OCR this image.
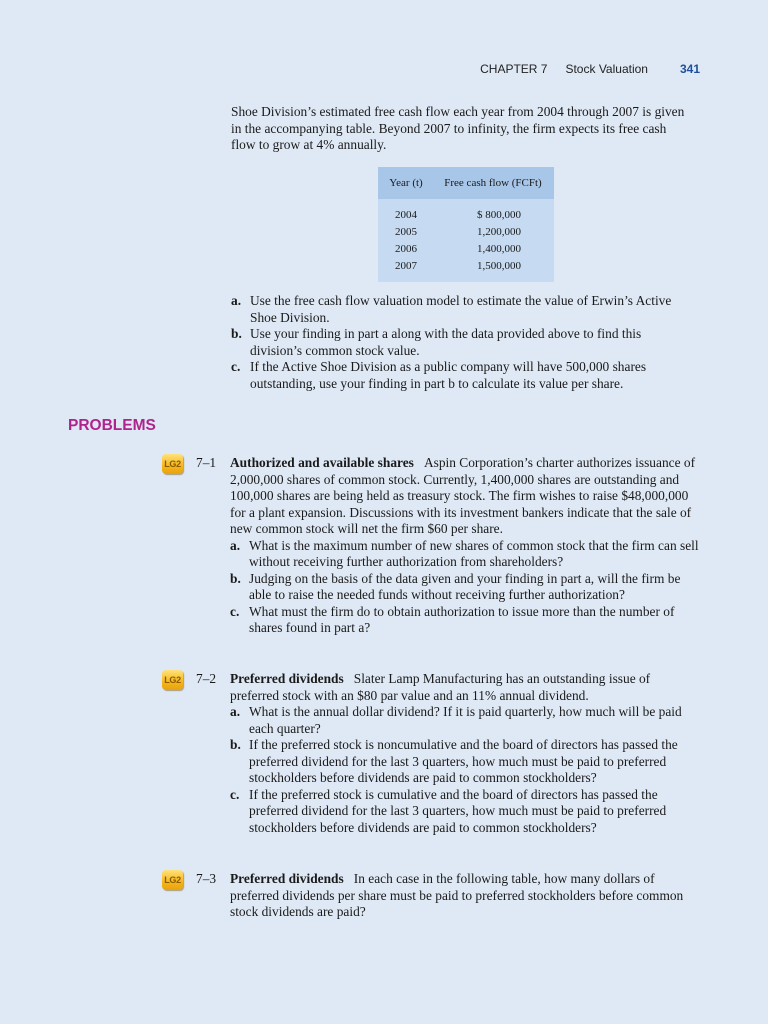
CHAPTER 7 Stock Valuation	341

Shoe Division’s estimated free cash flow each year from 2004 through 2007 is given in the accompanying table. Beyond 2007 to infinity, the firm expects its free cash flow to grow at 4% annually.

Year (t)	Free cash flow (FCFt)
2004	$ 800,000
2005	1,200,000
2006	1,400,000
2007	1,500,000
a. Use the free cash flow valuation model to estimate the value of Erwin’s Active Shoe Division.
b. Use your finding in part a along with the data provided above to find this division’s common stock value.
c. If the Active Shoe Division as a public company will have 500,000 shares outstanding, use your finding in part b to calculate its value per share.
PROBLEMS
LG2 7–1 Authorized and available shares Aspin Corporation’s charter authorizes issuance of 2,000,000 shares of common stock. Currently, 1,400,000 shares are outstanding and 100,000 shares are being held as treasury stock. The firm wishes to raise $48,000,000 for a plant expansion. Discussions with its investment bankers indicate that the sale of new common stock will net the firm $60 per share.

a. What is the maximum number of new shares of common stock that the firm can sell without receiving further authorization from shareholders?
b. Judging on the basis of the data given and your finding in part a, will the firm be able to raise the needed funds without receiving further authorization?
c. What must the firm do to obtain authorization to issue more than the number of shares found in part a?
LG2 7–2 Preferred dividends Slater Lamp Manufacturing has an outstanding issue of preferred stock with an $80 par value and an 11% annual dividend.

a. What is the annual dollar dividend? If it is paid quarterly, how much will be paid each quarter?
b. If the preferred stock is noncumulative and the board of directors has passed the preferred dividend for the last 3 quarters, how much must be paid to preferred stockholders before dividends are paid to common stockholders?
c. If the preferred stock is cumulative and the board of directors has passed the preferred dividend for the last 3 quarters, how much must be paid to preferred stockholders before dividends are paid to common stockholders?
LG2 7–3 Preferred dividends In each case in the following table, how many dollars of preferred dividends per share must be paid to preferred stockholders before common stock dividends are paid?
